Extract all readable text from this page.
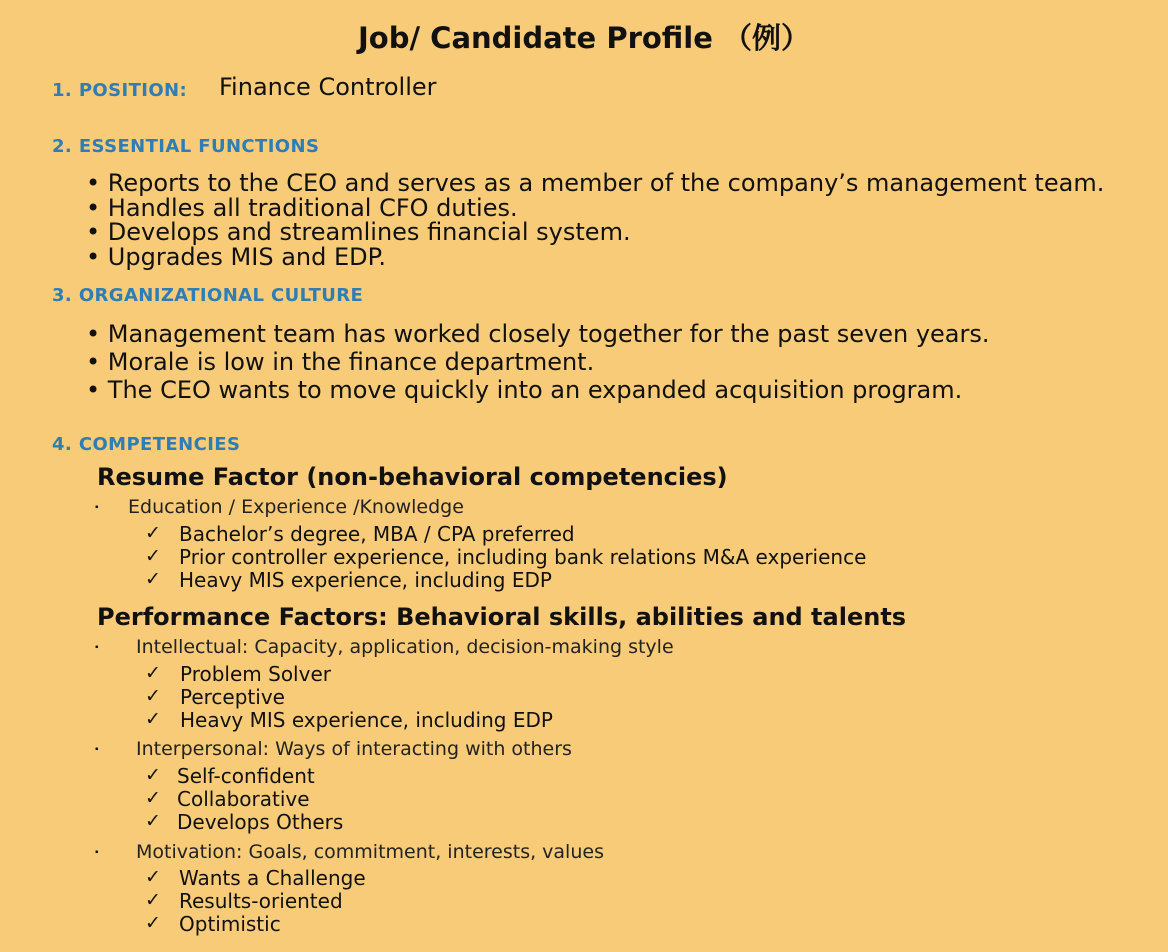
Job/ Candidate Profile （例）
1. POSITION: Finance Controller
2. ESSENTIAL FUNCTIONS
• Reports to the CEO and serves as a member of the company’s management team.
• Handles all traditional CFO duties.
• Develops and streamlines financial system.
• Upgrades MIS and EDP.
3. ORGANIZATIONAL CULTURE
• Management team has worked closely together for the past seven years.
• Morale is low in the finance department.
• The CEO wants to move quickly into an expanded acquisition program.
4. COMPETENCIES
Resume Factor (non-behavioral competencies)
▪ Education / Experience /Knowledge
✓ Bachelor’s degree, MBA / CPA preferred
✓ Prior controller experience, including bank relations M&A experience
✓ Heavy MIS experience, including EDP
Performance Factors: Behavioral skills, abilities and talents
▪ Intellectual: Capacity, application, decision-making style
✓ Problem Solver
✓ Perceptive
✓ Heavy MIS experience, including EDP
▪ Interpersonal: Ways of interacting with others
✓ Self-confident
✓ Collaborative
✓ Develops Others
▪ Motivation: Goals, commitment, interests, values
✓ Wants a Challenge
✓ Results-oriented
✓ Optimistic
